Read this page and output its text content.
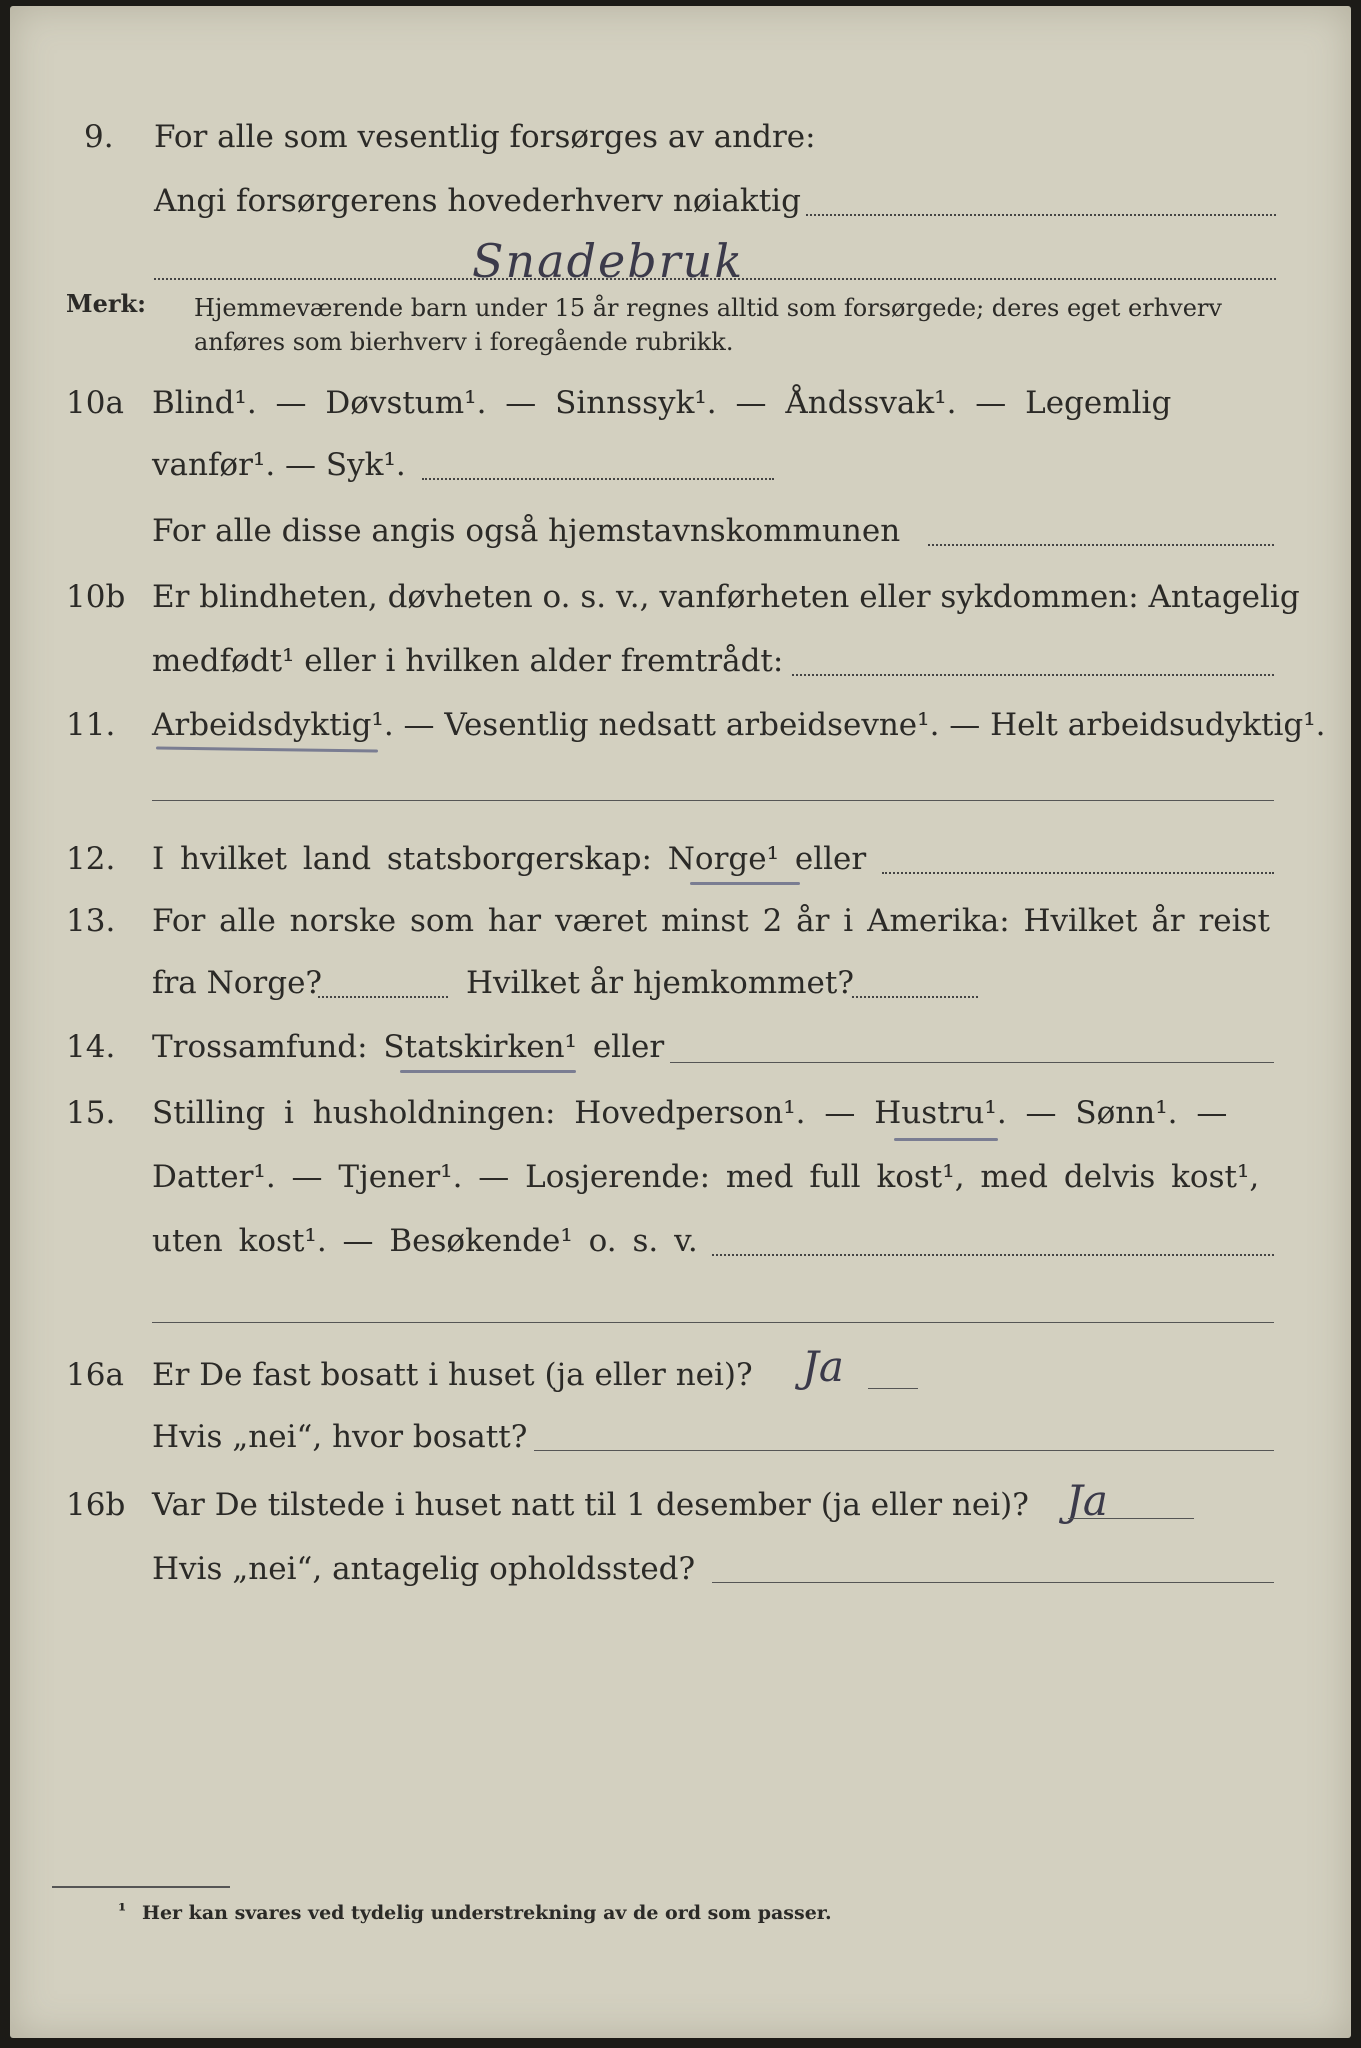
9. For alle som vesentlig forsørges av andre:
Angi forsørgerens hovederhverv nøiaktig
Snadebruk
Merk: Hjemmeværende barn under 15 år regnes alltid som forsørgede; deres eget erhverv
anføres som bierhverv i foregående rubrikk.
10a Blind¹. — Døvstum¹. — Sinnssyk¹. — Åndssvak¹. — Legemlig
vanfør¹. — Syk¹.
For alle disse angis også hjemstavnskommunen
10b Er blindheten, døvheten o. s. v., vanførheten eller sykdommen: Antagelig
medfødt¹ eller i hvilken alder fremtrådt:
11. Arbeidsdyktig¹. — Vesentlig nedsatt arbeidsevne¹. — Helt arbeidsudyktig¹.
12. I hvilket land statsborgerskap: Norge¹ eller
13. For alle norske som har været minst 2 år i Amerika: Hvilket år reist
fra Norge?	Hvilket år hjemkommet?
14. Trossamfund: Statskirken¹ eller
15. Stilling i husholdningen: Hovedperson¹. — Hustru¹. — Sønn¹. —
Datter¹. — Tjener¹. — Losjerende: med full kost¹, med delvis kost¹,
uten kost¹. — Besøkende¹ o. s. v.
16a Er De fast bosatt i huset (ja eller nei)? Ja
Hvis „nei“, hvor bosatt?
16b Var De tilstede i huset natt til 1 desember (ja eller nei)? Ja
Hvis „nei“, antagelig opholdssted?
¹ Her kan svares ved tydelig understrekning av de ord som passer.
